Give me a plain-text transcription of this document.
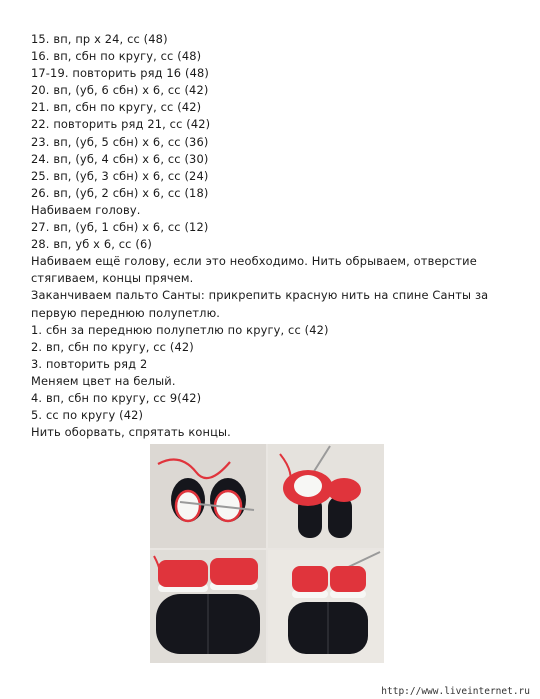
15. вп, пр х 24, сс (48)
16. вп, сбн по кругу, сс (48)
17-19. повторить ряд 16 (48)
20. вп, (уб, 6 сбн) х 6, сс (42)
21. вп, сбн по кругу, сс (42)
22. повторить ряд 21, сс (42)
23. вп, (уб, 5 сбн) х 6, сс (36)
24. вп, (уб, 4 сбн) х 6, сс (30)
25. вп, (уб, 3 сбн) х 6, сс (24)
26. вп, (уб, 2 сбн) х 6, сс (18)
Набиваем голову.
27. вп, (уб, 1 сбн) х 6, сс (12)
28. вп, уб х 6, сс (6)
Набиваем ещё голову, если это необходимо. Нить обрываем, отверстие
стягиваем, концы прячем.
Заканчиваем пальто Санты: прикрепить красную нить на спине Санты за
первую переднюю полупетлю.
1. сбн за переднюю полупетлю по кругу, сс (42)
2. вп, сбн по кругу, сс (42)
3. повторить ряд 2
Меняем цвет на белый.
4. вп, сбн по кругу, сс 9(42)
5. сс по кругу (42)
Нить оборвать, спрятать концы.
http://www.liveinternet.ru
